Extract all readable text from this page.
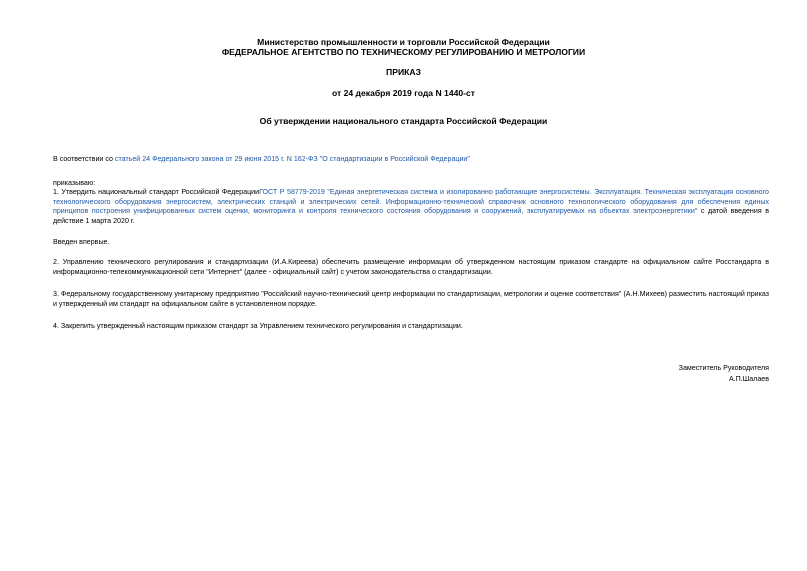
Министерство промышленности и торговли Российской Федерации
ФЕДЕРАЛЬНОЕ АГЕНТСТВО ПО ТЕХНИЧЕСКОМУ РЕГУЛИРОВАНИЮ И МЕТРОЛОГИИ
ПРИКАЗ
от 24 декабря 2019 года N 1440-ст
Об утверждении национального стандарта Российской Федерации
В соответствии со статьей 24 Федерального закона от 29 июня 2015 г. N 162-ФЗ "О стандартизации в Российской Федерации"
приказываю:
1. Утвердить национальный стандарт Российской ФедерацииГОСТ Р 58779-2019 "Единая энергетическая система и изолированно работающие энергосистемы. Эксплуатация. Техническая эксплуатация основного технологического оборудования энергосистем, электрических станций и электрических сетей. Информационно-технический справочник основного технологического оборудования для обеспечения единых принципов построения унифицированных систем оценки, мониторинга и контроля технического состояния оборудования и сооружений, эксплуатируемых на объектах электроэнергетики" с датой введения в действие 1 марта 2020 г.
Введен впервые.
2. Управлению технического регулирования и стандартизации (И.А.Киреева) обеспечить размещение информации об утвержденном настоящим приказом стандарте на официальном сайте Росстандарта в информационно-телекоммуникационной сети "Интернет" (далее - официальный сайт) с учетом законодательства о стандартизации.
3. Федеральному государственному унитарному предприятию "Российский научно-технический центр информации по стандартизации, метрологии и оценке соответствия" (А.Н.Михеев) разместить настоящий приказ и утвержденный им стандарт на официальном сайте в установленном порядке.
4. Закрепить утвержденный настоящим приказом стандарт за Управлением технического регулирования и стандартизации.
Заместитель Руководителя
А.П.Шалаев
